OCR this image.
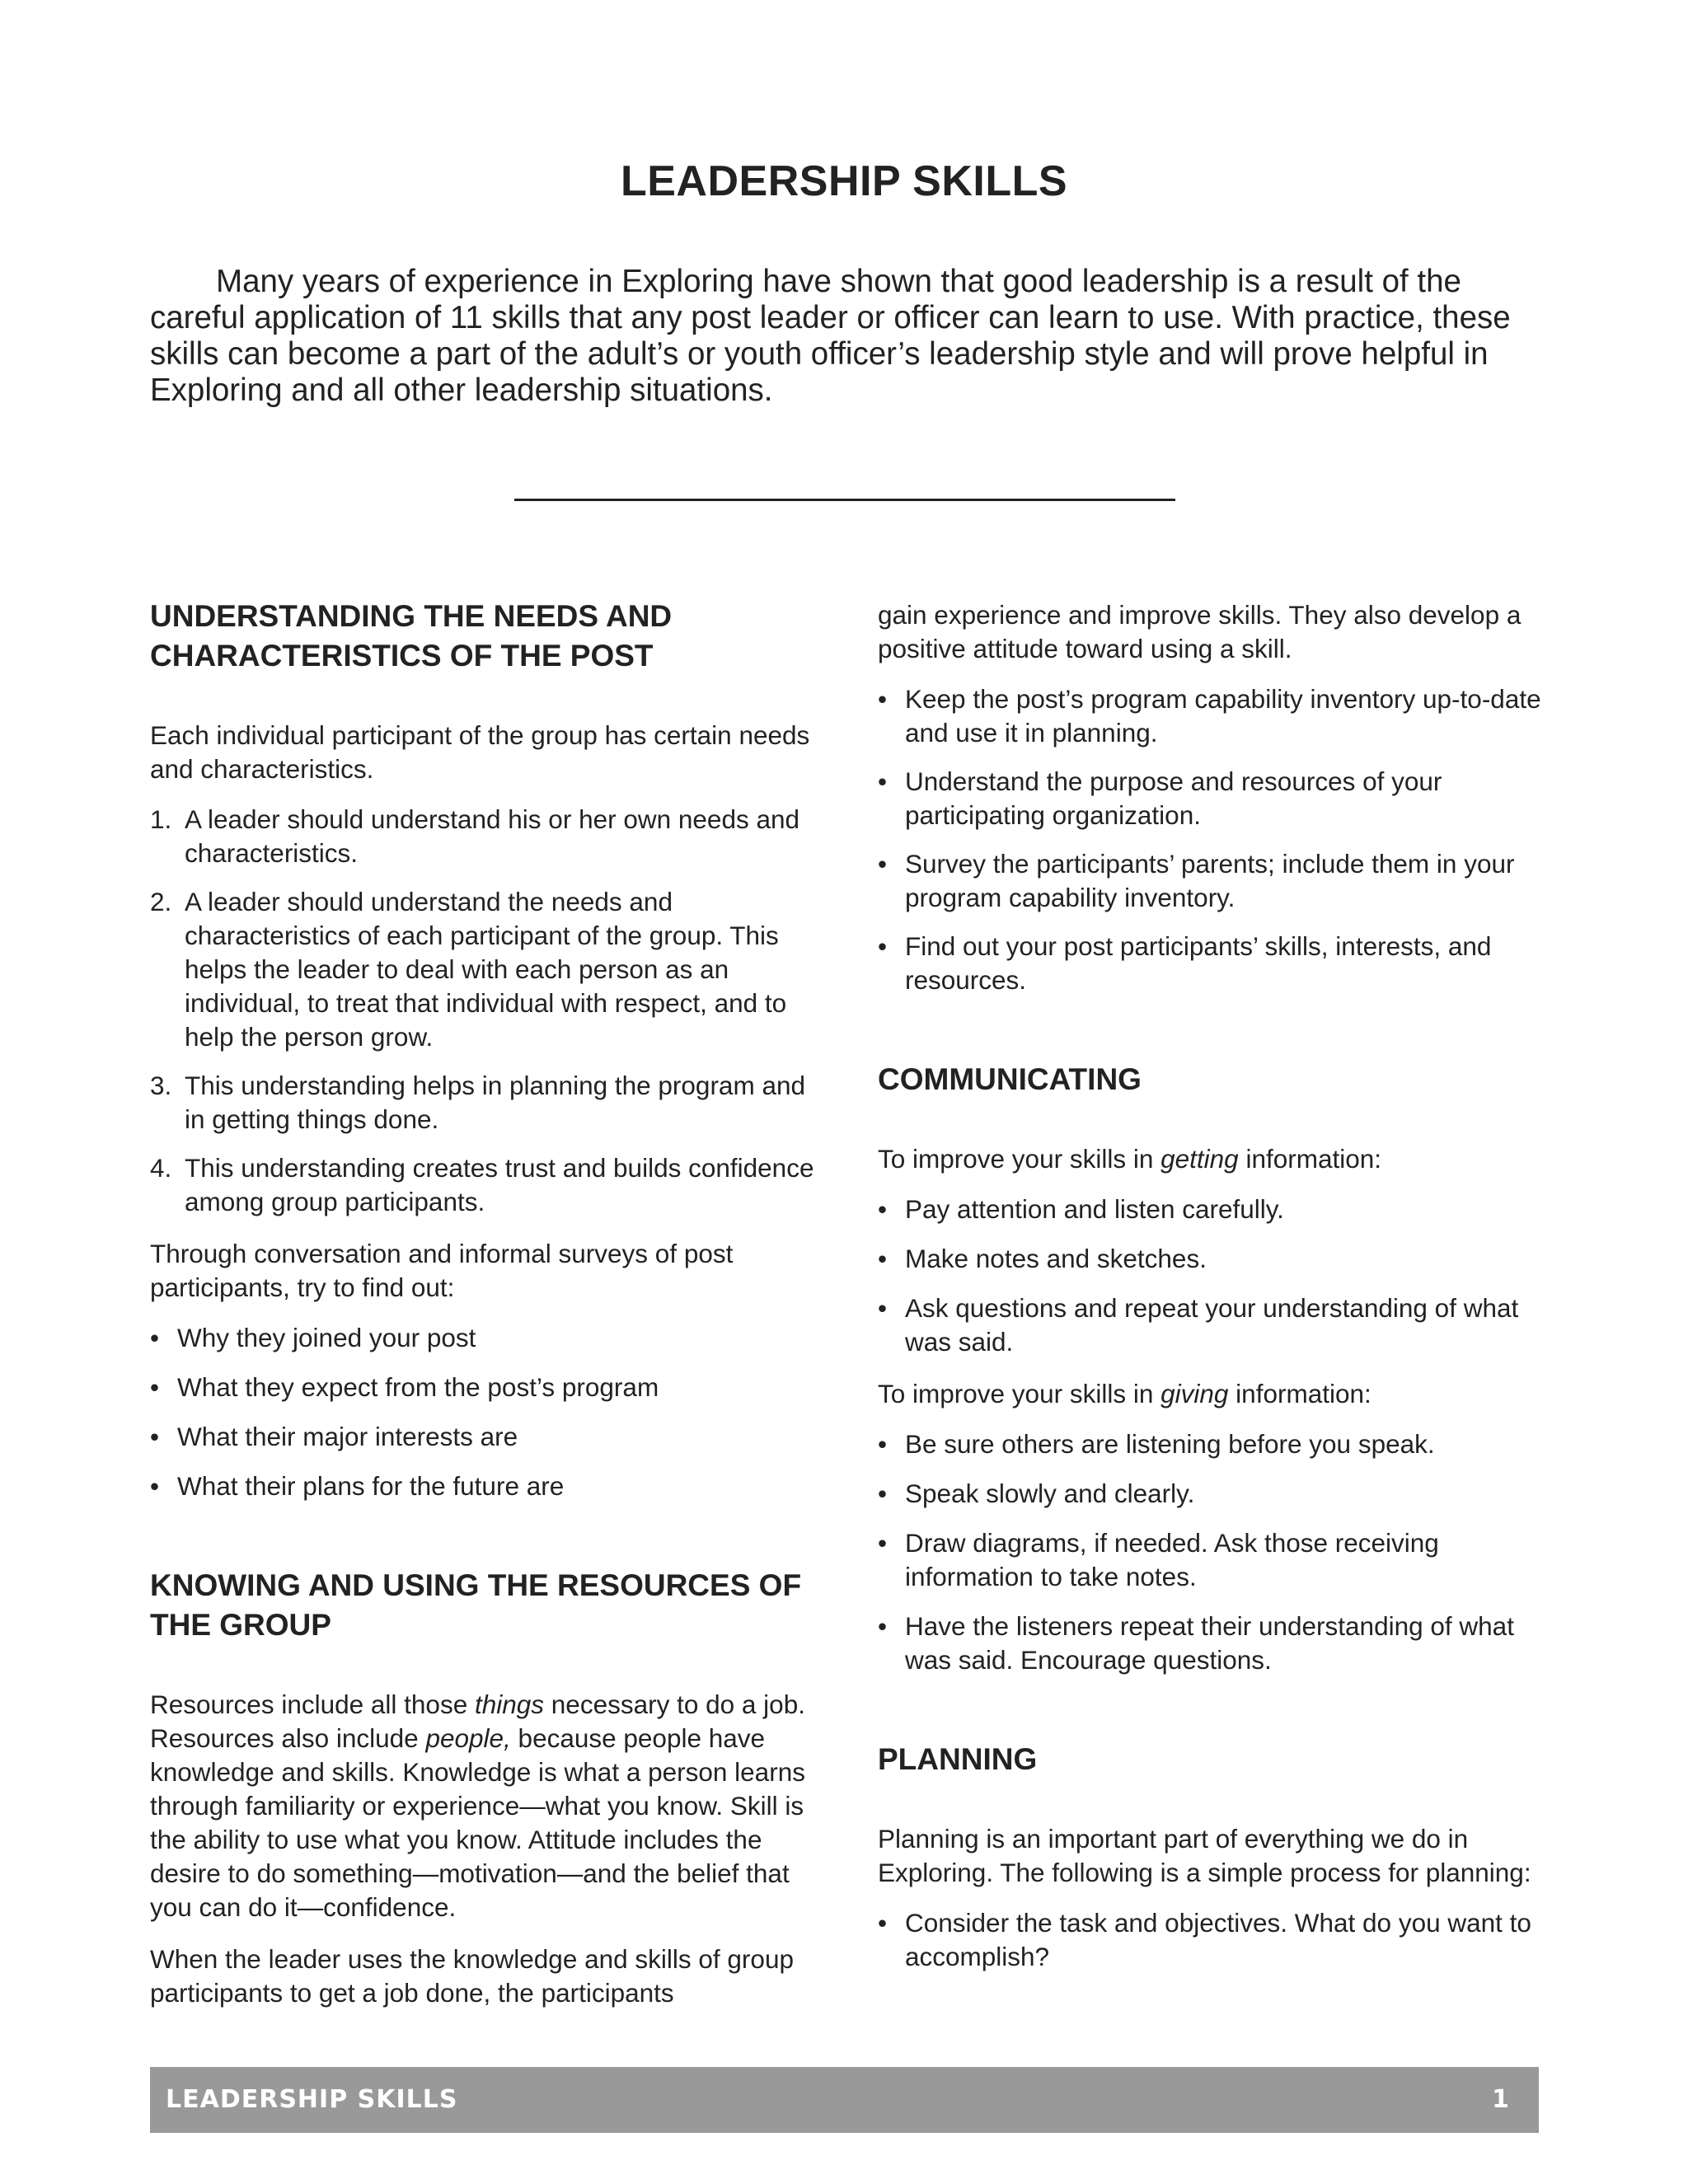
LEADERSHIP SKILLS

Many years of experience in Exploring have shown that good leadership is a result of the careful application of 11 skills that any post leader or officer can learn to use. With practice, these skills can become a part of the adult’s or youth officer’s leadership style and will prove helpful in Exploring and all other leadership situations.

UNDERSTANDING THE NEEDS AND CHARACTERISTICS OF THE POST

Each individual participant of the group has certain needs and characteristics.

1. A leader should understand his or her own needs and characteristics.
2. A leader should understand the needs and characteristics of each participant of the group. This helps the leader to deal with each person as an individual, to treat that individual with respect, and to help the person grow.
3. This understanding helps in planning the program and in getting things done.
4. This understanding creates trust and builds confidence among group participants.

Through conversation and informal surveys of post participants, try to find out:

• Why they joined your post
• What they expect from the post’s program
• What their major interests are
• What their plans for the future are
KNOWING AND USING THE RESOURCES OF THE GROUP

Resources include all those things necessary to do a job. Resources also include people, because people have knowledge and skills. Knowledge is what a person learns through familiarity or experience—what you know. Skill is the ability to use what you know. Attitude includes the desire to do something—motivation—and the belief that you can do it—confidence.

When the leader uses the knowledge and skills of group participants to get a job done, the participants

gain experience and improve skills. They also develop a positive attitude toward using a skill.

• Keep the post’s program capability inventory up-to-date and use it in planning.
• Understand the purpose and resources of your participating organization.
• Survey the participants’ parents; include them in your program capability inventory.
• Find out your post participants’ skills, interests, and resources.
COMMUNICATING

To improve your skills in getting information:

• Pay attention and listen carefully.
• Make notes and sketches.
• Ask questions and repeat your understanding of what was said.

To improve your skills in giving information:

• Be sure others are listening before you speak.
• Speak slowly and clearly.
• Draw diagrams, if needed. Ask those receiving information to take notes.
• Have the listeners repeat their understanding of what was said. Encourage questions.
PLANNING

Planning is an important part of everything we do in Exploring. The following is a simple process for planning:

• Consider the task and objectives. What do you want to accomplish?
LEADERSHIP SKILLS	1
